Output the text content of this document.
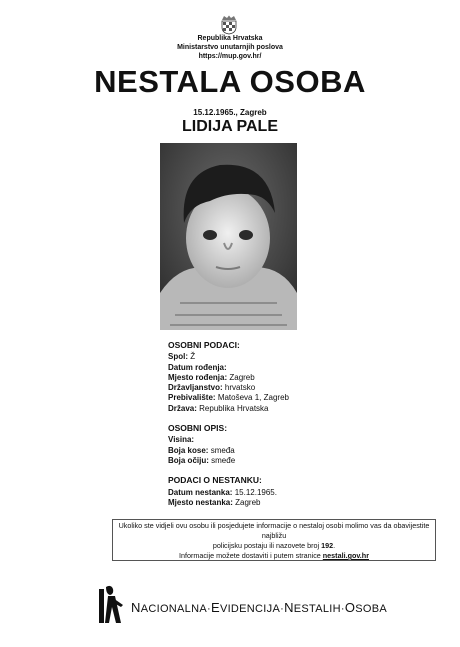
Republika Hrvatska
Ministarstvo unutarnjih poslova
https://mup.gov.hr/
NESTALA OSOBA
15.12.1965., Zagreb
LIDIJA PALE
OSOBNI PODACI:
Spol: Ž
Datum rođenja:
Mjesto rođenja: Zagreb
Državljanstvo: hrvatsko
Prebivalište: Matoševa 1, Zagreb
Država: Republika Hrvatska
OSOBNI OPIS:
Visina:
Boja kose: smeđa
Boja očiju: smeđe
PODACI O NESTANKU:
Datum nestanka: 15.12.1965.
Mjesto nestanka: Zagreb
Ukoliko ste vidjeli ovu osobu ili posjedujete informacije o nestaloj osobi molimo vas da obavijestite najbližu
policijsku postaju ili nazovete broj 192.
Informacije možete dostaviti i putem stranice nestali.gov.hr
NACIONALNA·EVIDENCIJA·NESTALIH·OSOBA
